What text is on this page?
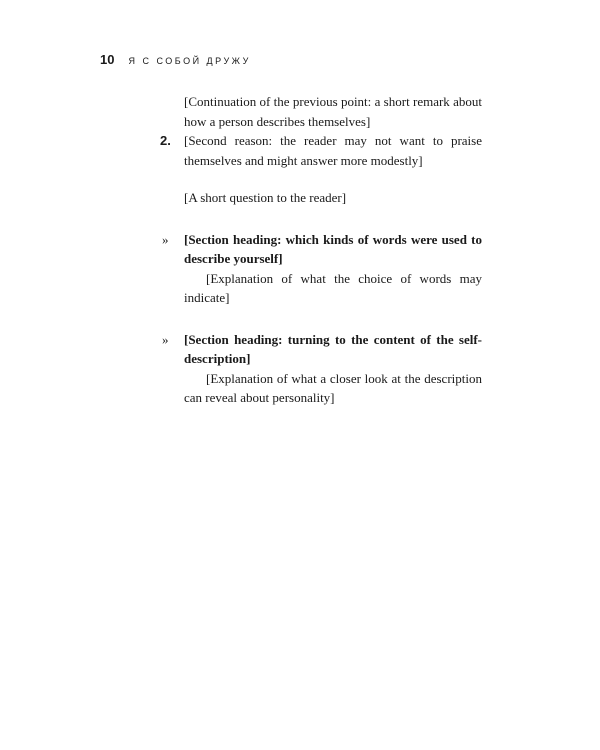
10 Я С СОБОЙ ДРУЖУ

[Continuation of the previous point: a short remark about how a person describes themselves]

2. [Second reason: the reader may not want to praise themselves and might answer more modestly]

[A short question to the reader]

» [Section heading: which kinds of words were used to describe yourself]

[Explanation of what the choice of words may indicate]

» [Section heading: turning to the content of the self-description]

[Explanation of what a closer look at the description can reveal about personality]
